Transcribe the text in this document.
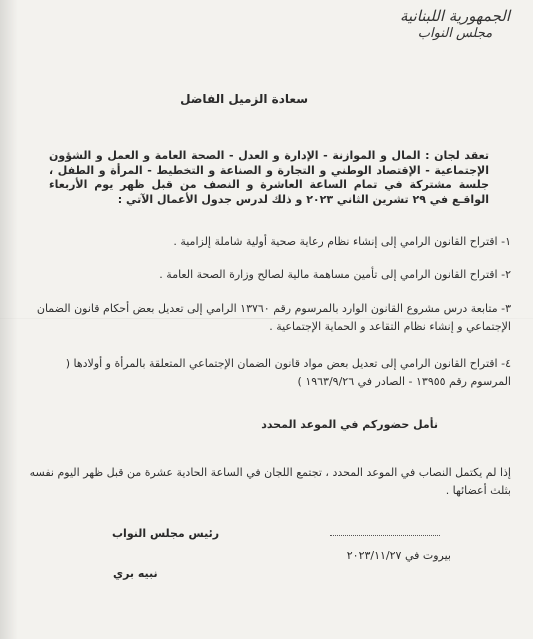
الجمهورية اللبنانية
مجلس النواب
سعادة الزميل الفاضل
تعقد لجان : المال و الموازنة - الإدارة و العدل - الصحة العامة و العمل و الشؤون الإجتماعية - الإقتصاد الوطني و التجارة و الصناعة و التخطيط - المرأة و الطفل ، جلسة مشتركة في تمام الساعة العاشرة و النصف من قبل ظهر يوم الأربعاء الواقـع في ٢٩ تشرين الثاني ٢٠٢٣ و ذلك لدرس جدول الأعمال الآتي :
١- اقتراح القانون الرامي إلى إنشاء نظام رعاية صحية أولية شاملة إلزامية .
٢- اقتراح القانون الرامي إلى تأمين مساهمة مالية لصالح وزارة الصحة العامة .
٣- متابعة درس مشروع القانون الوارد بالمرسوم رقم ١٣٧٦٠ الرامي إلى تعديل بعض أحكام قانون الضمان الإجتماعي و إنشاء نظام التقاعد و الحماية الإجتماعية .
٤- اقتراح القانون الرامي إلى تعديل بعض مواد قانون الضمان الإجتماعي المتعلقة بالمرأة و أولادها ( المرسوم رقم ١٣٩٥٥ - الصادر في ١٩٦٣/٩/٢٦ )
نأمل حضوركم في الموعد المحدد
إذا لم يكتمل النصاب في الموعد المحدد ، تجتمع اللجان في الساعة الحادية عشرة من قبل ظهر اليوم نفسه بثلث أعضائها .
رئيس مجلس النواب
بيروت في ٢٠٢٣/١١/٢٧
نبيه بري
